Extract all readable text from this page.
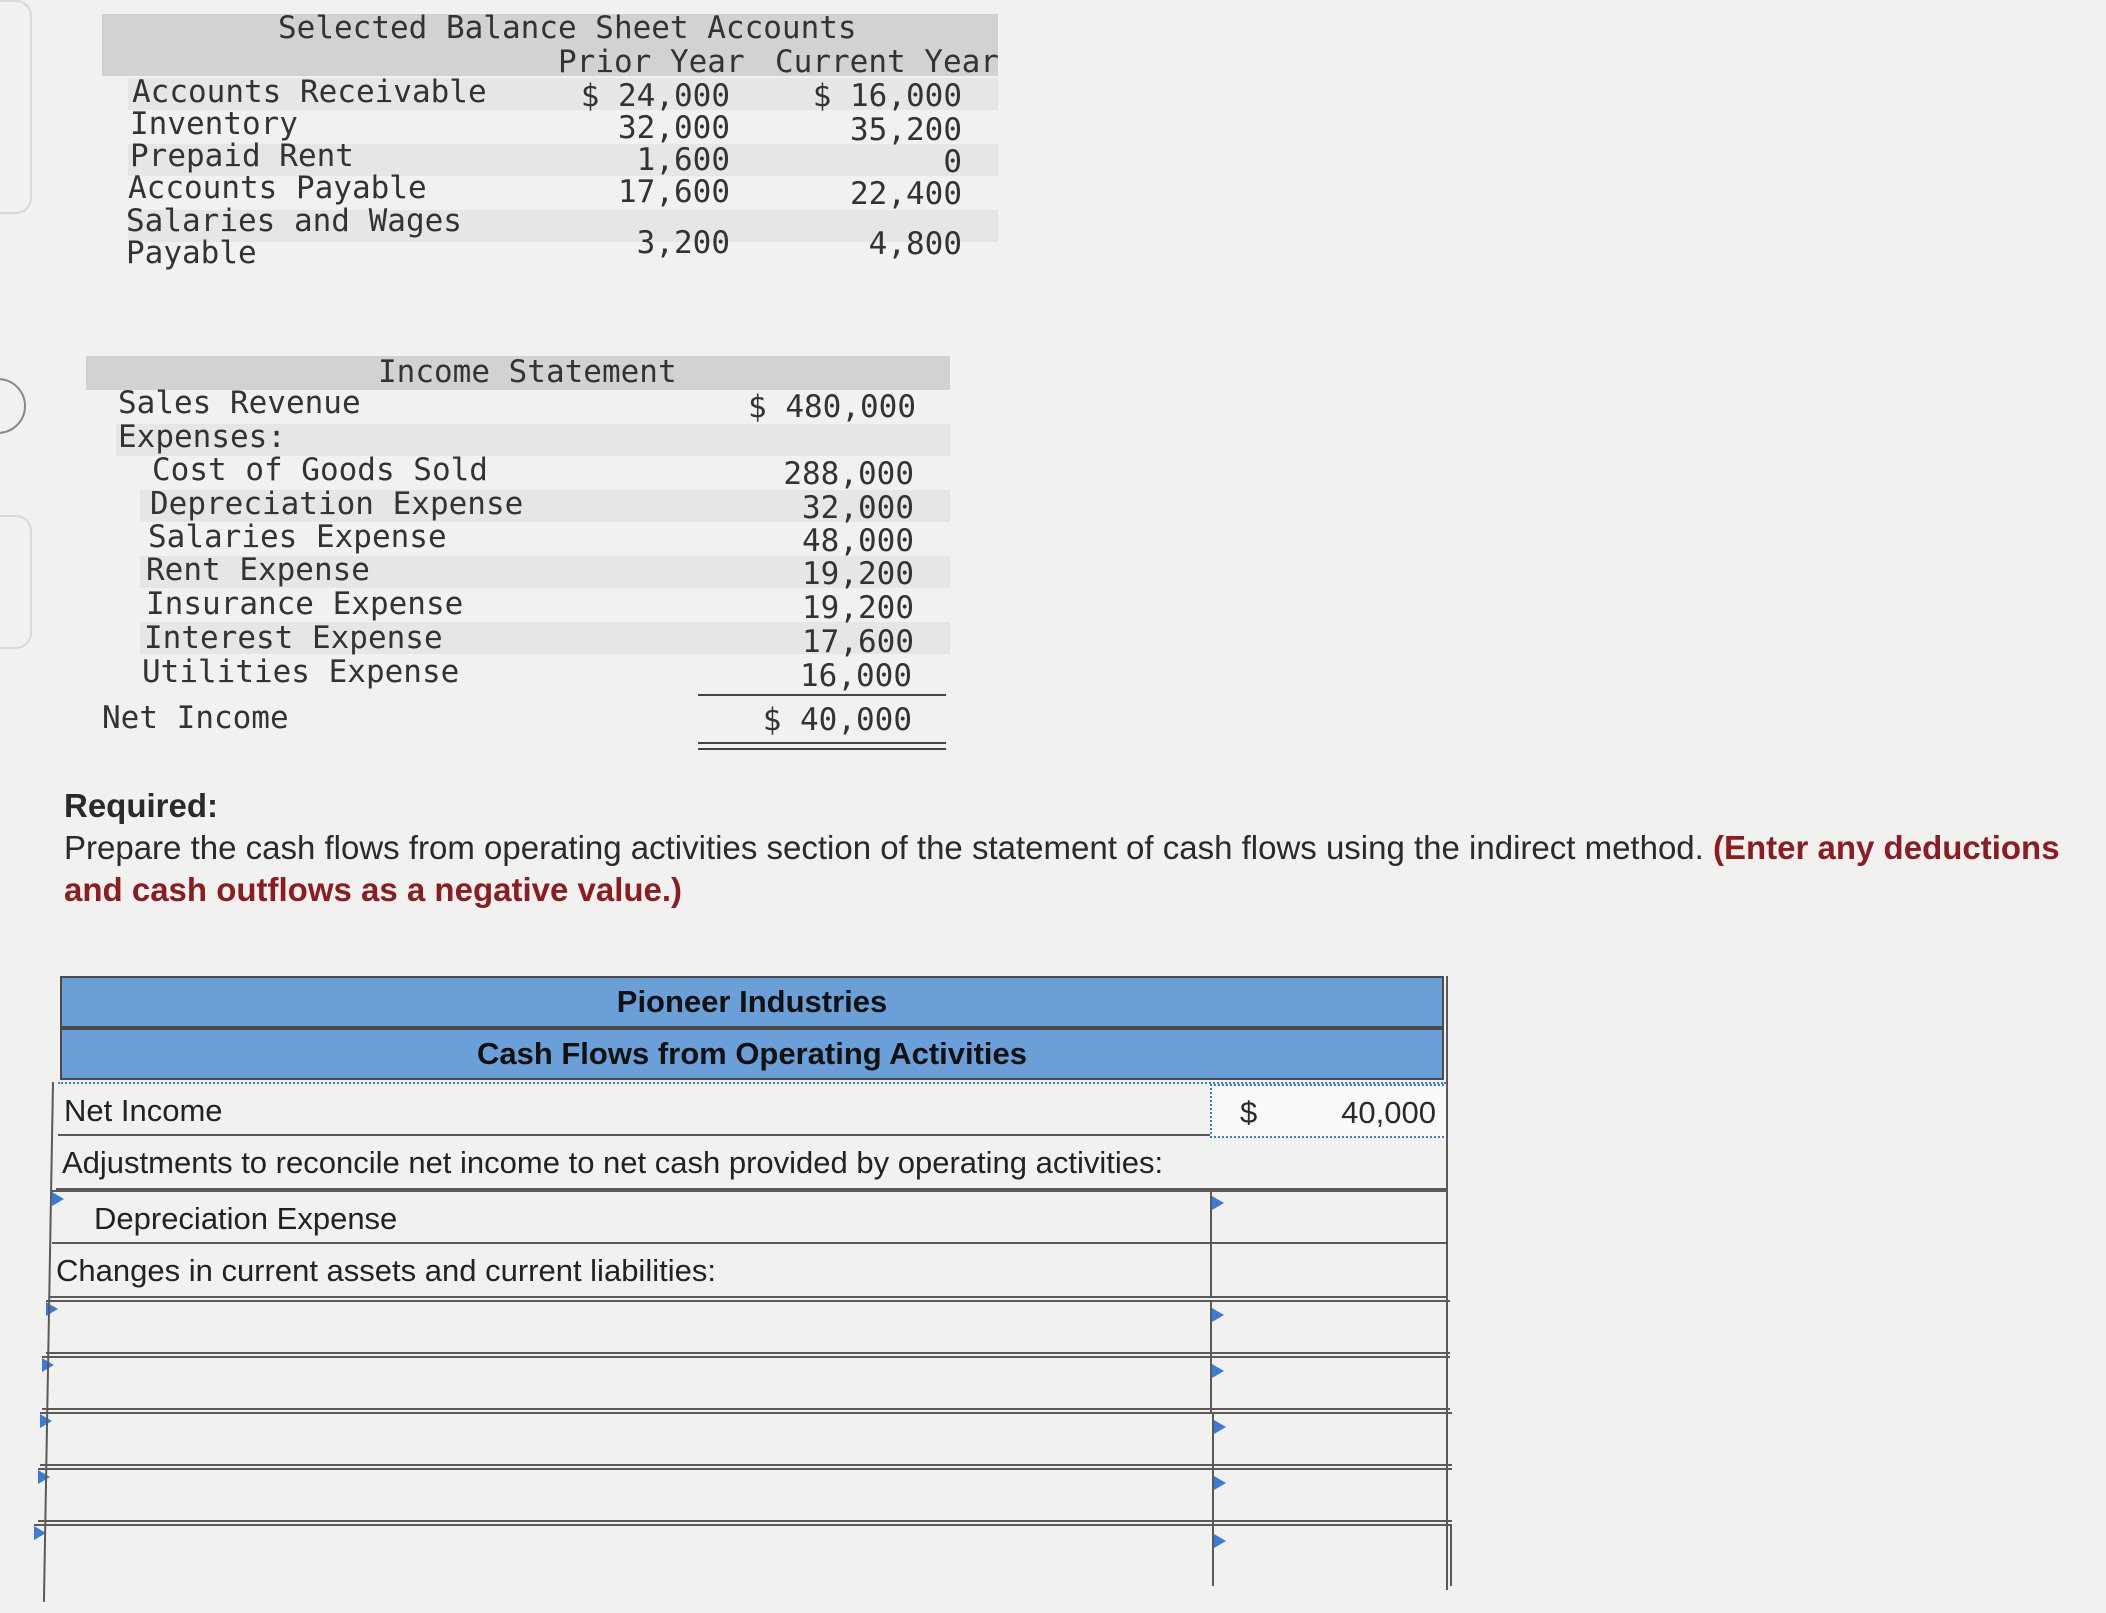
Selected Balance Sheet Accounts
Prior Year Current Year
Accounts Receivable	$ 24,000	$ 16,000
Inventory	32,000	35,200
Prepaid Rent	1,600	0
Accounts Payable	17,600	22,400
Salaries and Wages
Payable	3,200	4,800
Income Statement
Sales Revenue	$ 480,000
Expenses:
Cost of Goods Sold	288,000
Depreciation Expense	32,000
Salaries Expense	48,000
Rent Expense	19,200
Insurance Expense	19,200
Interest Expense	17,600
Utilities Expense	16,000
Net Income	$ 40,000
Required:
Prepare the cash flows from operating activities section of the statement of cash flows using the indirect method. (Enter any deductions and cash outflows as a negative value.)
Pioneer Industries
Cash Flows from Operating Activities
Net Income	$	40,000
Adjustments to reconcile net income to net cash provided by operating activities:
Depreciation Expense
Changes in current assets and current liabilities:
